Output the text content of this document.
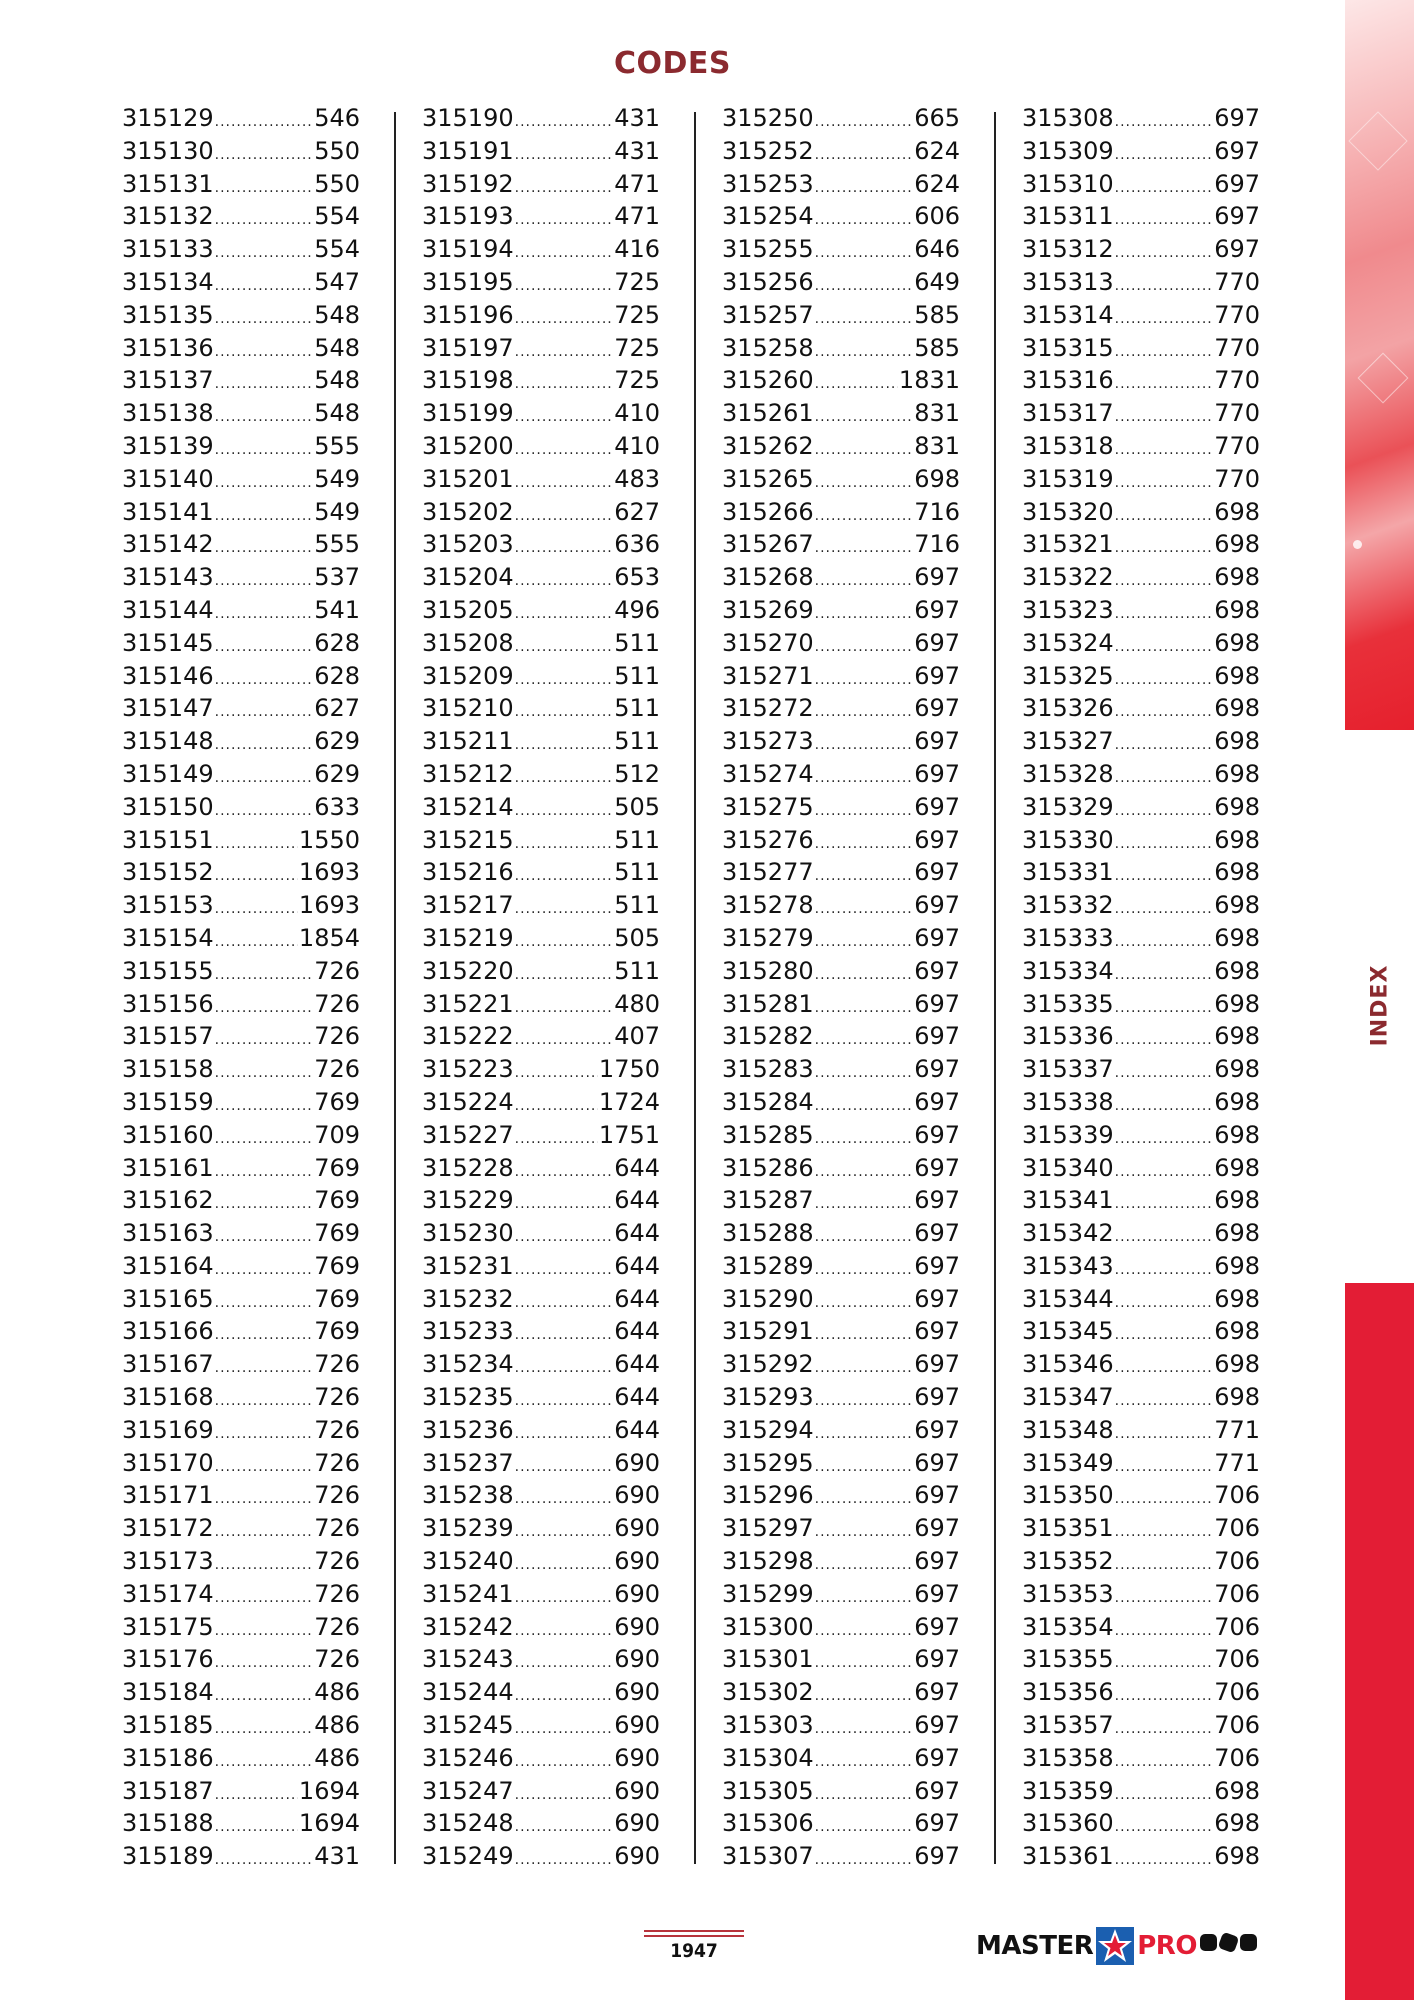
CODES
315129 .....	546
315130 .....	550
315131 .....	550
315132 .....	554
315133 .....	554
315134 .....	547
315135 .....	548
315136 .....	548
315137 .....	548
315138 .....	548
315139 .....	555
315140 .....	549
315141 .....	549
315142 .....	555
315143 .....	537
315144 .....	541
315145 .....	628
315146 .....	628
315147 .....	627
315148 .....	629
315149 .....	629
315150 .....	633
315151 .....	1550
315152 .....	1693
315153 .....	1693
315154 .....	1854
315155 .....	726
315156 .....	726
315157 .....	726
315158 .....	726
315159 .....	769
315160 .....	709
315161 .....	769
315162 .....	769
315163 .....	769
315164 .....	769
315165 .....	769
315166 .....	769
315167 .....	726
315168 .....	726
315169 .....	726
315170 .....	726
315171 .....	726
315172 .....	726
315173 .....	726
315174 .....	726
315175 .....	726
315176 .....	726
315184 .....	486
315185 .....	486
315186 .....	486
315187 .....	1694
315188 .....	1694
315189 .....	431
315190 .....	431
315191 .....	431
315192 .....	471
315193 .....	471
315194 .....	416
315195 .....	725
315196 .....	725
315197 .....	725
315198 .....	725
315199 .....	410
315200 .....	410
315201 .....	483
315202 .....	627
315203 .....	636
315204 .....	653
315205 .....	496
315208 .....	511
315209 .....	511
315210 .....	511
315211 .....	511
315212 .....	512
315214 .....	505
315215 .....	511
315216 .....	511
315217 .....	511
315219 .....	505
315220 .....	511
315221 .....	480
315222 .....	407
315223 .....	1750
315224 .....	1724
315227 .....	1751
315228 .....	644
315229 .....	644
315230 .....	644
315231 .....	644
315232 .....	644
315233 .....	644
315234 .....	644
315235 .....	644
315236 .....	644
315237 .....	690
315238 .....	690
315239 .....	690
315240 .....	690
315241 .....	690
315242 .....	690
315243 .....	690
315244 .....	690
315245 .....	690
315246 .....	690
315247 .....	690
315248 .....	690
315249 .....	690
315250 .....	665
315252 .....	624
315253 .....	624
315254 .....	606
315255 .....	646
315256 .....	649
315257 .....	585
315258 .....	585
315260 .....	1831
315261 .....	831
315262 .....	831
315265 .....	698
315266 .....	716
315267 .....	716
315268 .....	697
315269 .....	697
315270 .....	697
315271 .....	697
315272 .....	697
315273 .....	697
315274 .....	697
315275 .....	697
315276 .....	697
315277 .....	697
315278 .....	697
315279 .....	697
315280 .....	697
315281 .....	697
315282 .....	697
315283 .....	697
315284 .....	697
315285 .....	697
315286 .....	697
315287 .....	697
315288 .....	697
315289 .....	697
315290 .....	697
315291 .....	697
315292 .....	697
315293 .....	697
315294 .....	697
315295 .....	697
315296 .....	697
315297 .....	697
315298 .....	697
315299 .....	697
315300 .....	697
315301 .....	697
315302 .....	697
315303 .....	697
315304 .....	697
315305 .....	697
315306 .....	697
315307 .....	697
315308 .....	697
315309 .....	697
315310 .....	697
315311 .....	697
315312 .....	697
315313 .....	770
315314 .....	770
315315 .....	770
315316 .....	770
315317 .....	770
315318 .....	770
315319 .....	770
315320 .....	698
315321 .....	698
315322 .....	698
315323 .....	698
315324 .....	698
315325 .....	698
315326 .....	698
315327 .....	698
315328 .....	698
315329 .....	698
315330 .....	698
315331 .....	698
315332 .....	698
315333 .....	698
315334 .....	698
315335 .....	698
315336 .....	698
315337 .....	698
315338 .....	698
315339 .....	698
315340 .....	698
315341 .....	698
315342 .....	698
315343 .....	698
315344 .....	698
315345 .....	698
315346 .....	698
315347 .....	698
315348 .....	771
315349 .....	771
315350 .....	706
315351 .....	706
315352 .....	706
315353 .....	706
315354 .....	706
315355 .....	706
315356 .....	706
315357 .....	706
315358 .....	706
315359 .....	698
315360 .....	698
315361 .....	698
INDEX
1947	MASTER PRO
